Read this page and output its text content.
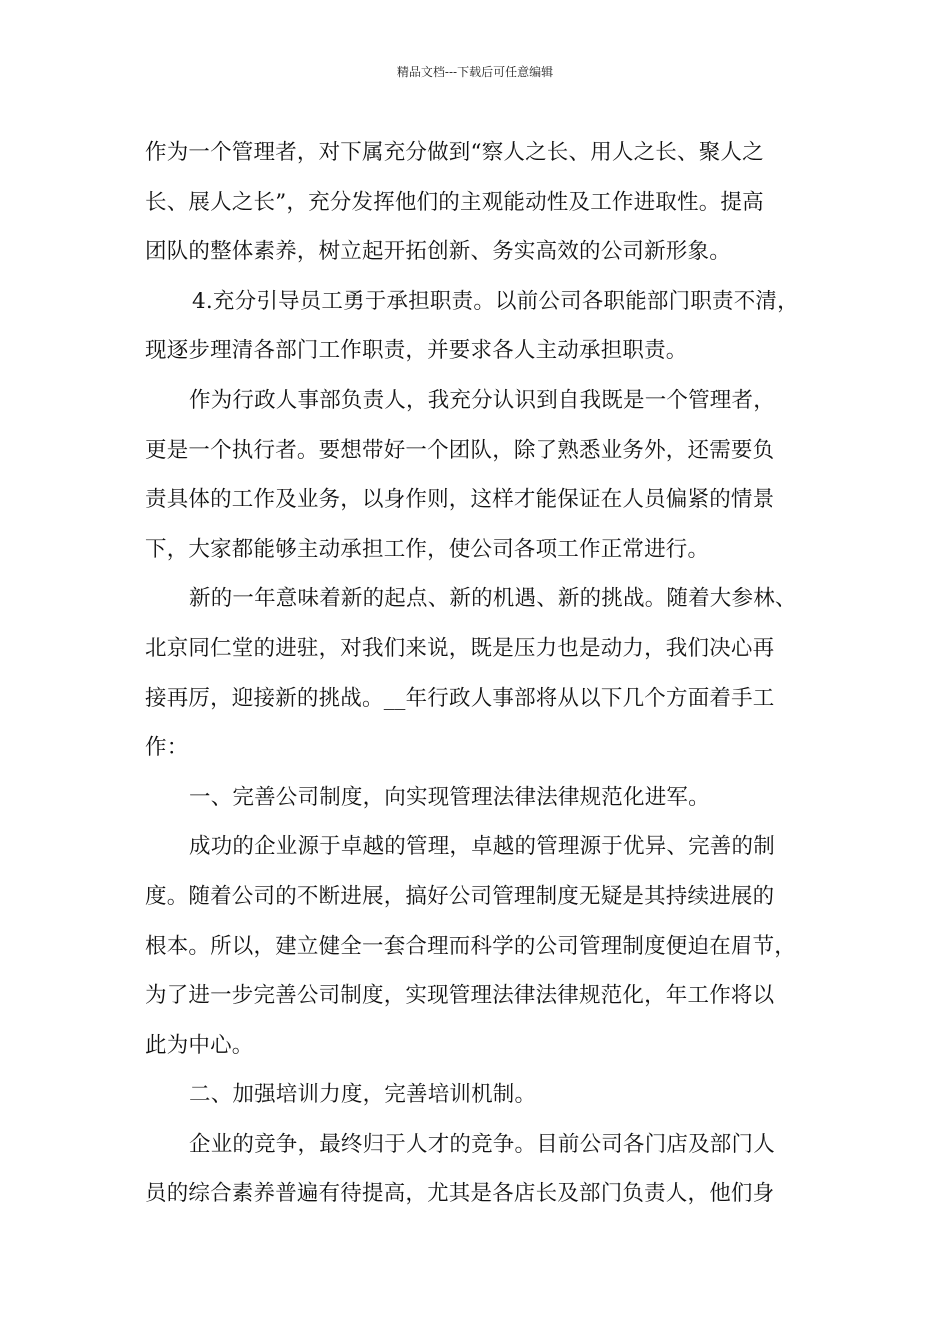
精品文档---下载后可任意编辑
作为一个管理者，对下属充分做到“察人之长、用人之长、聚人之
长、展人之长”，充分发挥他们的主观能动性及工作进取性。提高
团队的整体素养，树立起开拓创新、务实高效的公司新形象。
4.充分引导员工勇于承担职责。以前公司各职能部门职责不清，
现逐步理清各部门工作职责，并要求各人主动承担职责。
作为行政人事部负责人，我充分认识到自我既是一个管理者，
更是一个执行者。要想带好一个团队，除了熟悉业务外，还需要负
责具体的工作及业务，以身作则，这样才能保证在人员偏紧的情景
下，大家都能够主动承担工作，使公司各项工作正常进行。
新的一年意味着新的起点、新的机遇、新的挑战。随着大参林、
北京同仁堂的进驻，对我们来说，既是压力也是动力，我们决心再
接再厉，迎接新的挑战。__年行政人事部将从以下几个方面着手工
作：
一、完善公司制度，向实现管理法律法律规范化进军。
成功的企业源于卓越的管理，卓越的管理源于优异、完善的制
度。随着公司的不断进展，搞好公司管理制度无疑是其持续进展的
根本。所以，建立健全一套合理而科学的公司管理制度便迫在眉节，
为了进一步完善公司制度，实现管理法律法律规范化，年工作将以
此为中心。
二、加强培训力度，完善培训机制。
企业的竞争，最终归于人才的竞争。目前公司各门店及部门人
员的综合素养普遍有待提高，尤其是各店长及部门负责人，他们身
